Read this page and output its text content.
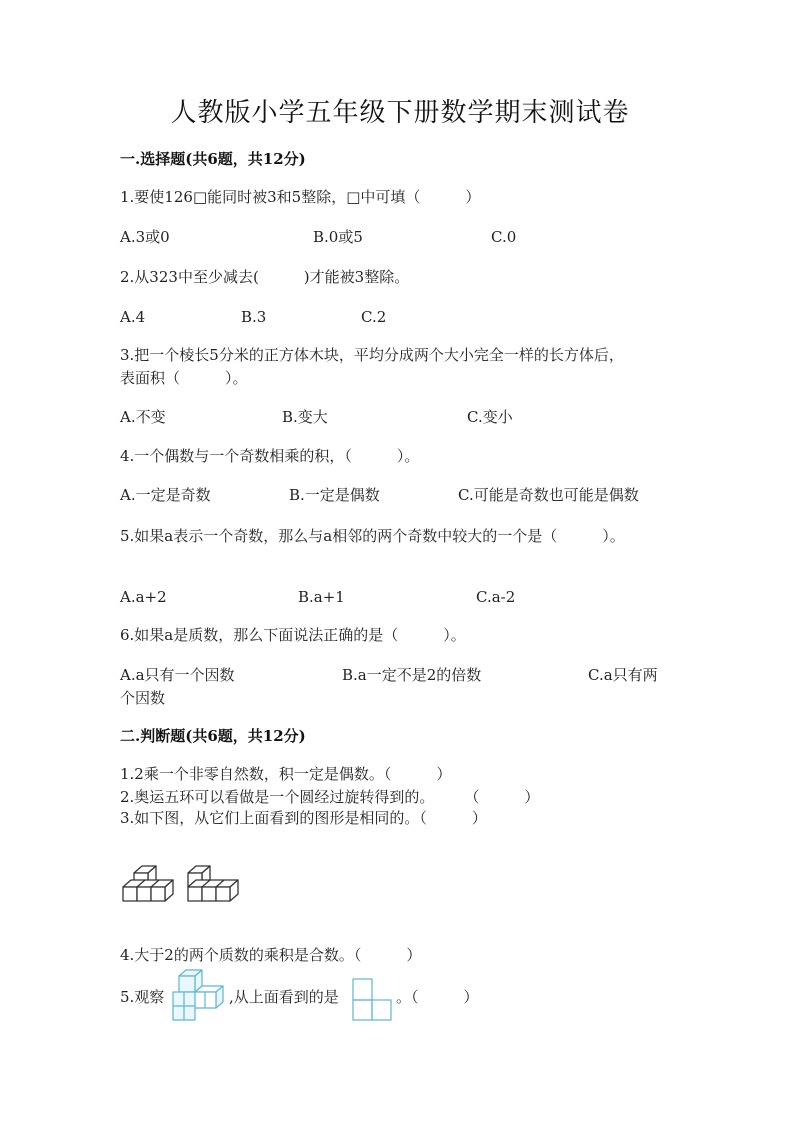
人教版小学五年级下册数学期末测试卷
一.选择题(共6题，共12分)
1.要使126□能同时被3和5整除，□中可填（　　　）
A.3或0	B.0或5	C.0
2.从323中至少减去(　　　)才能被3整除。
A.4	B.3	C.2
3.把一个棱长5分米的正方体木块，平均分成两个大小完全一样的长方体后，
表面积（　　　）。
A.不变	B.变大	C.变小
4.一个偶数与一个奇数相乘的积，（　　　）。
A.一定是奇数	B.一定是偶数	C.可能是奇数也可能是偶数
5.如果a表示一个奇数，那么与a相邻的两个奇数中较大的一个是（　　　）。
A.a+2	B.a+1	C.a-2
6.如果a是质数，那么下面说法正确的是（　　　）。
A.a只有一个因数	B.a一定不是2的倍数	C.a只有两
个因数
二.判断题(共6题，共12分)
1.2乘一个非零自然数，积一定是偶数。（　　　）
2.奥运五环可以看做是一个圆经过旋转得到的。　　　（　　　）
3.如下图，从它们上面看到的图形是相同的。（　　　）
4.大于2的两个质数的乘积是合数。（　　　）
5.观察	,从上面看到的是	。（　　　）
